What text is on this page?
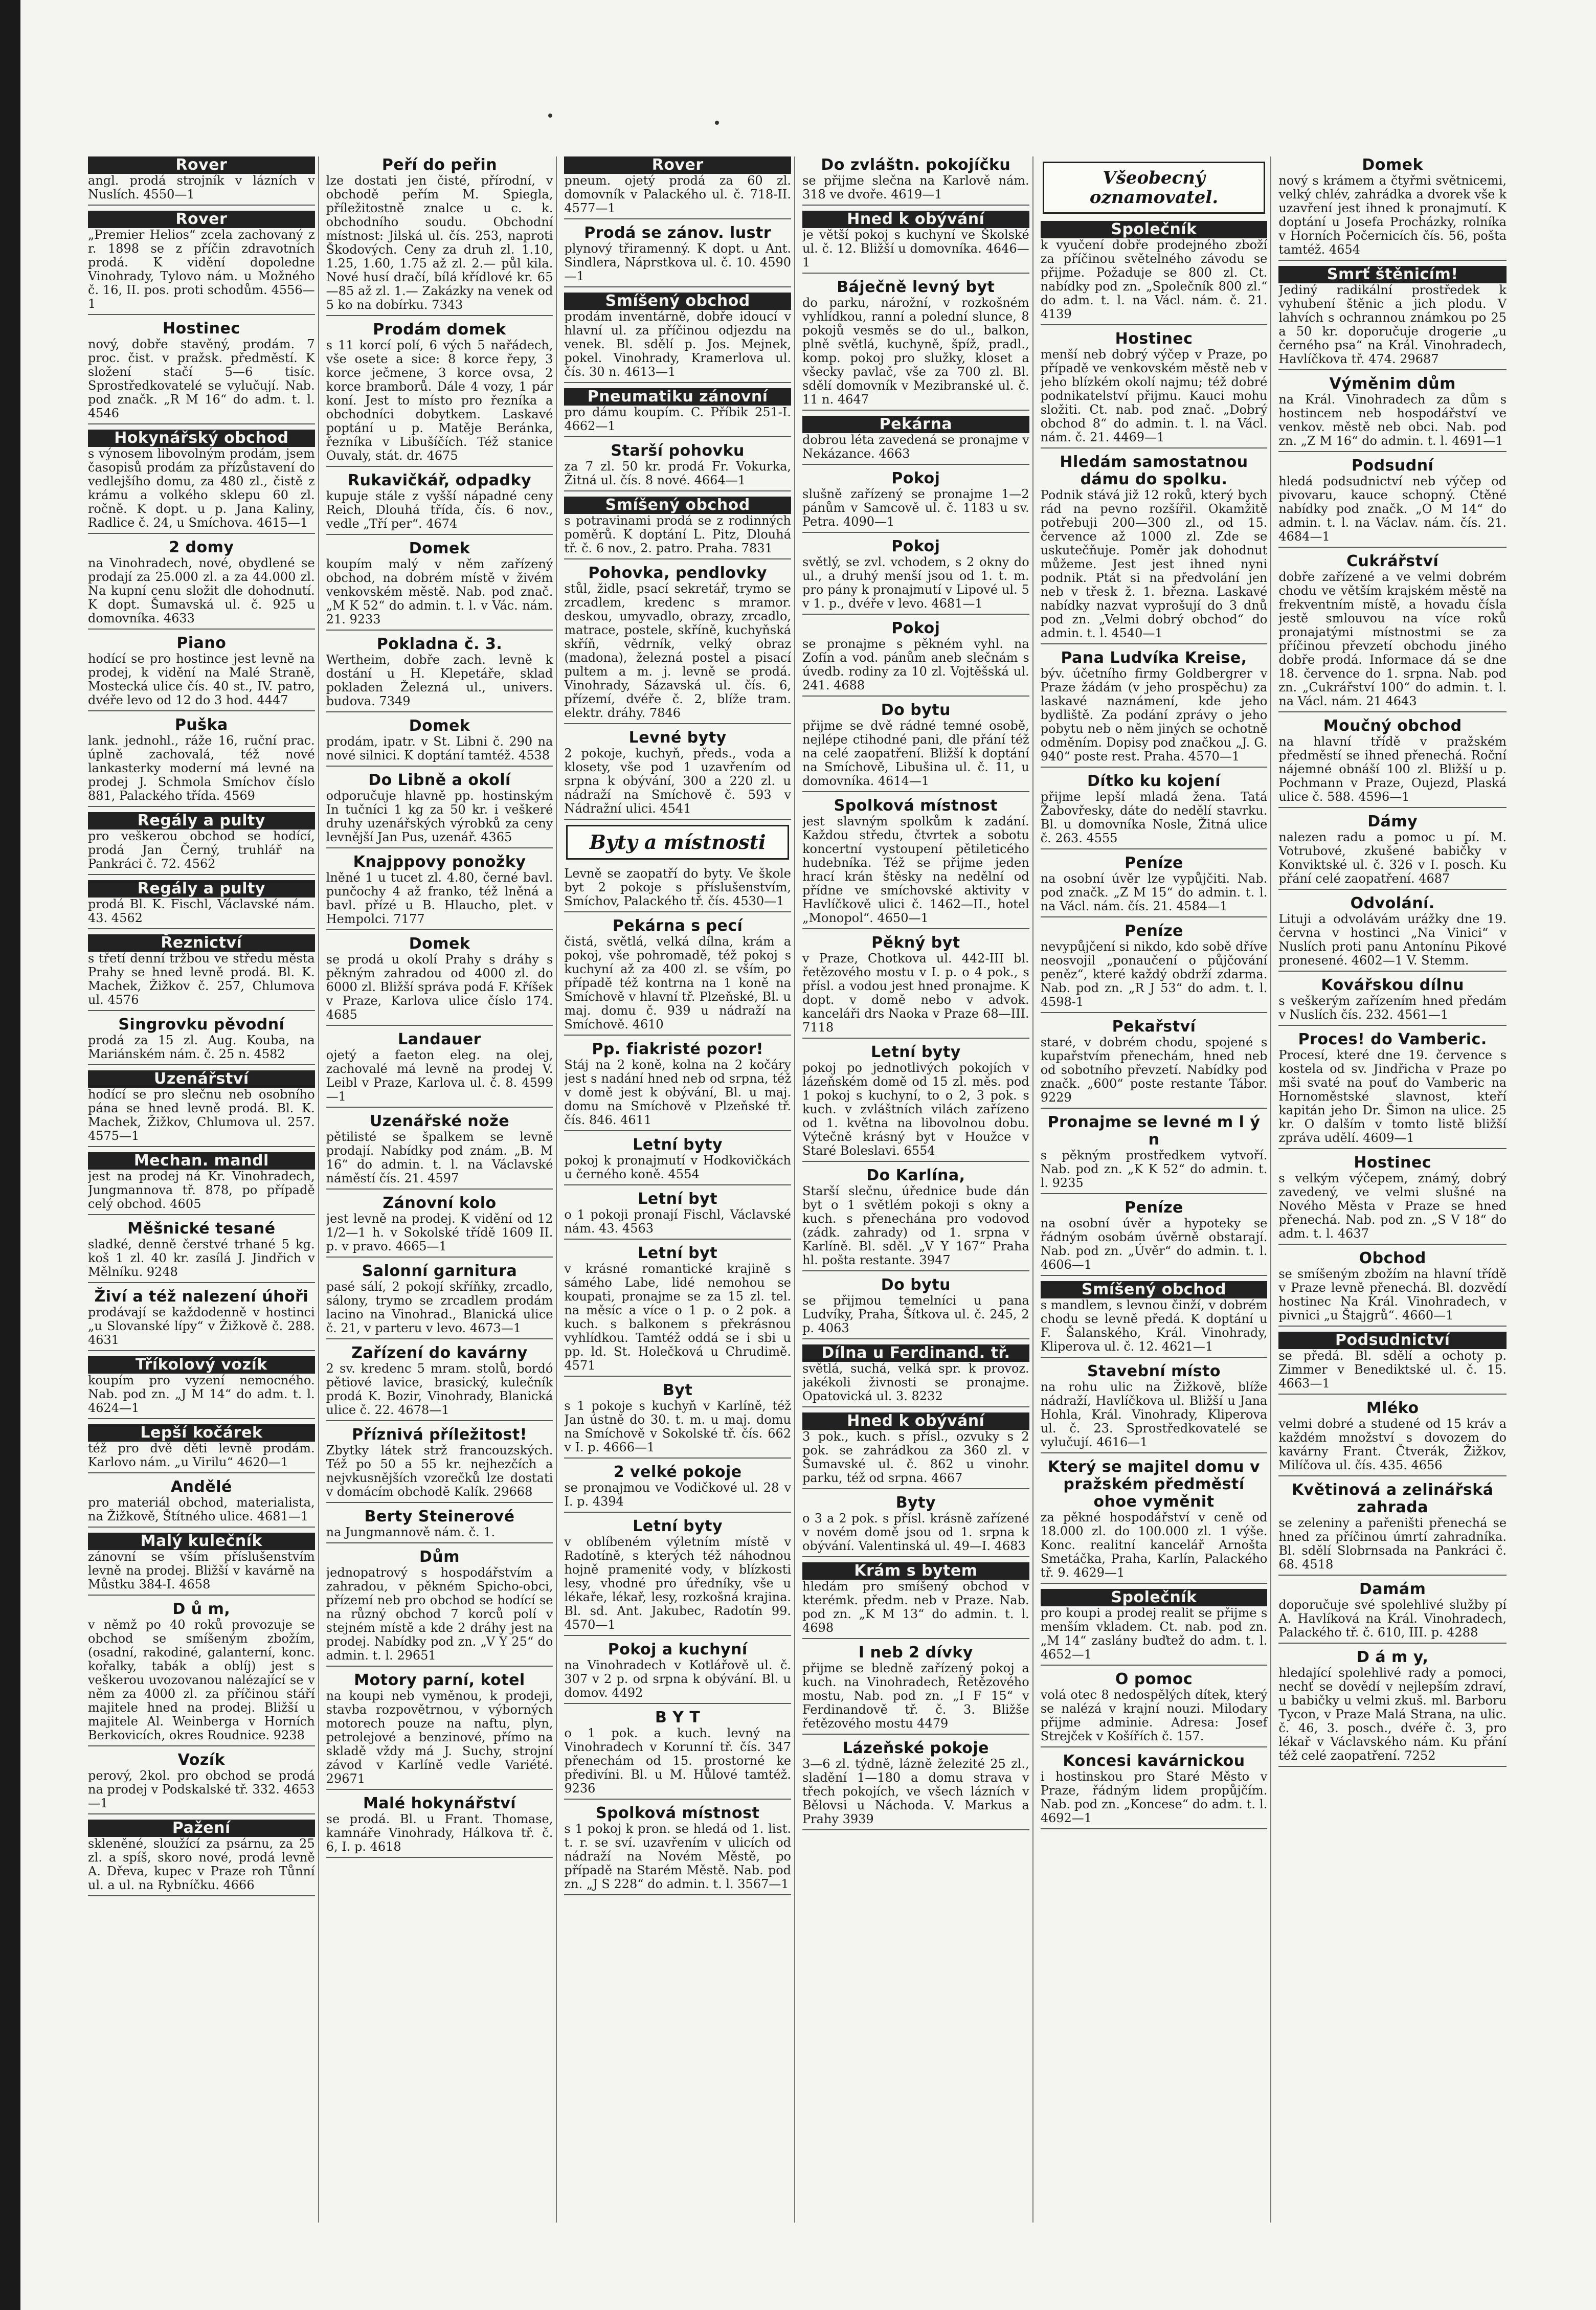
Rover
angl. prodá strojník v lázních v Nuslích. 4550—1
Rover
„Premier Helios“ zcela zachovaný z r. 1898 se z příčin zdravotních prodá. K vidění dopoledne Vinohrady, Tylovo nám. u Možného č. 16, II. pos. proti schodům. 4556—1
Hostinec
nový, dobře stavěný, prodám. 7 proc. čist. v pražsk. předměstí. K složení stačí 5—6 tisíc. Sprostředkovatelé se vylučují. Nab. pod značk. „R M 16“ do adm. t. l. 4546
Hokynářský obchod
s výnosem libovolným prodám, jsem časopisů prodám za přízůstavení do vedlejšího domu, za 480 zl., čistě z krámu a volkého sklepu 60 zl. ročně. K dopt. u p. Jana Kaliny, Radlice č. 24, u Smíchova. 4615—1
2 domy
na Vinohradech, nové, obydlené se prodají za 25.000 zl. a za 44.000 zl. Na kupní cenu složit dle dohodnutí. K dopt. Šumavská ul. č. 925 u domovníka. 4633
Piano
hodící se pro hostince jest levně na prodej, k vidění na Malé Straně, Mostecká ulice čís. 40 st., IV. patro, dvéře levo od 12 do 3 hod. 4447
Puška
lank. jednohl., ráže 16, ruční prac. úplně zachovalá, též nové lankasterky moderní má levné na prodej J. Schmola Smíchov číslo 881, Palackého třída. 4569
Regály a pulty
pro veškerou obchod se hodící, prodá Jan Černý, truhlář na Pankráci č. 72. 4562
Regály a pulty
prodá Bl. K. Fischl, Václavské nám. 43. 4562
Řeznictví
s třetí denní tržbou ve středu města Prahy se hned levně prodá. Bl. K. Machek, Žižkov č. 257, Chlumova ul. 4576
Singrovku pěvodní
prodá za 15 zl. Aug. Kouba, na Mariánském nám. č. 25 n. 4582
Uzenářství
hodící se pro slečnu neb osobního pána se hned levně prodá. Bl. K. Machek, Žižkov, Chlumova ul. 257. 4575—1
Mechan. mandl
jest na prodej ná Kr. Vinohradech, Jungmannova tř. 878, po případě celý obchod. 4605
Měšnické tesané
sladké, denně čerstvé trhané 5 kg. koš 1 zl. 40 kr. zasílá J. Jindřich v Mělníku. 9248
Živí a též nalezení úhoři
prodávají se každodenně v hostinci „u Slovanské lípy“ v Žižkově č. 288. 4631
Tříkolový vozík
koupím pro vyzení nemocného. Nab. pod zn. „J M 14“ do adm. t. l. 4624—1
Lepší kočárek
též pro dvě děti levně prodám. Karlovo nám. „u Virilu“ 4620—1
Andělé
pro materiál obchod, materialista, na Žižkově, Štítného ulice. 4681—1
Malý kulečník
zánovní se vším příslušenstvím levně na prodej. Bližší v kavárně na Můstku 384-I. 4658
D ů m,
v němž po 40 roků provozuje se obchod se smíšeným zbožím, (osadní, rakodiné, galanterní, konc. kořalky, tabák a oblíj) jest s veškerou uvozovanou nalézající se v něm za 4000 zl. za příčinou stáří majitele hned na prodej. Bližší u majitele Al. Weinberga v Horních Berkovicích, okres Roudnice. 9238
Vozík
perový, 2kol. pro obchod se prodá na prodej v Podskalské tř. 332. 4653—1
Pažení
skleněné, sloužící za psárnu, za 25 zl. a spíš, skoro nové, prodá levně A. Dřeva, kupec v Praze roh Tůnní ul. a ul. na Rybníčku. 4666
Peří do peřin
lze dostati jen čisté, přírodní, v obchodě peřím M. Spiegla, příležitostně znalce u c. k. obchodního soudu. Obchodní místnost: Jilská ul. čís. 253, naproti Škodových. Ceny za druh zl. 1.10, 1.25, 1.60, 1.75 až zl. 2.— půl kila. Nové husí dračí, bílá křídlové kr. 65—85 až zl. 1.— Zakázky na venek od 5 ko na dobírku. 7343
Prodám domek
s 11 korcí polí, 6 vých 5 nařádech, vše osete a sice: 8 korce řepy, 3 korce ječmene, 3 korce ovsa, 2 korce bramborů. Dále 4 vozy, 1 pár koní. Jest to místo pro řezníka a obchodníci dobytkem. Laskavé poptání u p. Matěje Beránka, řezníka v Libušíčích. Též stanice Ouvaly, stát. dr. 4675
Rukavičkář, odpadky
kupuje stále z vyšší nápadné ceny Reich, Dlouhá třída, čís. 6 nov., vedle „Tří per“. 4674
Domek
koupím malý v něm zařízený obchod, na dobrém místě v živém venkovském městě. Nab. pod znač. „M K 52“ do admin. t. l. v Vác. nám. 21. 9233
Pokladna č. 3.
Wertheim, dobře zach. levně k dostání u H. Klepetáře, sklad pokladen Železná ul., univers. budova. 7349
Domek
prodám, ipatr. v St. Libni č. 290 na nové silnici. K doptání tamtéž. 4538
Do Libně a okolí
odporučuje hlavně pp. hostinským In tučníci 1 kg za 50 kr. i veškeré druhy uzenářských výrobků za ceny levnější Jan Pus, uzenář. 4365
Knajppovy ponožky
lněné 1 u tucet zl. 4.80, černé bavl. punčochy 4 až franko, též lněná a bavl. přízé u B. Hlaucho, plet. v Hempolci. 7177
Domek
se prodá u okolí Prahy s dráhy s pěkným zahradou od 4000 zl. do 6000 zl. Bližší správa podá F. Kříšek v Praze, Karlova ulice číslo 174. 4685
Landauer
ojetý a faeton eleg. na olej, zachovalé má levně na prodej V. Leibl v Praze, Karlova ul. č. 8. 4599—1
Uzenářské nože
pětilisté se špalkem se levně prodají. Nabídky pod znám. „B. M 16“ do admin. t. l. na Václavské náměstí čís. 21. 4597
Zánovní kolo
jest levně na prodej. K vidění od 12 1/2—1 h. v Sokolské třídě 1609 II. p. v pravo. 4665—1
Salonní garnitura
pasé sálí, 2 pokojí skříňky, zrcadlo, sálony, trymo se zrcadlem prodám lacino na Vinohrad., Blanická ulice č. 21, v parteru v levo. 4673—1
Zařízení do kavárny
2 sv. kredenc 5 mram. stolů, bordó pětiové lavice, brasický, kulečník prodá K. Bozir, Vinohrady, Blanická ulice č. 22. 4678—1
Příznivá příležitost!
Zbytky látek strž francouzských. Též po 50 a 55 kr. nejhezčích a nejvkusnějších vzorečků lze dostati v domácím obchodě Kalík. 29668
Berty Steinerové
na Jungmannově nám. č. 1.
Dům
jednopatrový s hospodářstvím a zahradou, v pěkném Spicho-obci, přízemí neb pro obchod se hodící se na různý obchod 7 korců polí v stejném místě a kde 2 dráhy jest na prodej. Nabídky pod zn. „V Y 25“ do admin. t. l. 29651
Motory parní, kotel
na koupi neb vyměnou, k prodeji, stavba rozpovětrnou, v výborných motorech pouze na naftu, plyn, petrolejové a benzinové, přímo na skladě vždy má J. Suchy, strojní závod v Karlíně vedle Variété. 29671
Malé hokynářství
se prodá. Bl. u Frant. Thomase, kamnáře Vinohrady, Hálkova tř. č. 6, I. p. 4618
Rover
pneum. ojetý prodá za 60 zl. domovník v Palackého ul. č. 718-II. 4577—1
Prodá se zánov. lustr
plynový třiramenný. K dopt. u Ant. Sindlera, Náprstkova ul. č. 10. 4590—1
Smíšený obchod
prodám inventárně, dobře idoucí v hlavní ul. za příčinou odjezdu na venek. Bl. sdělí p. Jos. Mejnek, pokel. Vinohrady, Kramerlova ul. čís. 30 n. 4613—1
Pneumatiku zánovní
pro dámu koupím. C. Příbik 251-I. 4662—1
Starší pohovku
za 7 zl. 50 kr. prodá Fr. Vokurka, Žitná ul. čís. 8 nové. 4664—1
Smíšený obchod
s potravinami prodá se z rodinných poměrů. K doptání L. Pitz, Dlouhá tř. č. 6 nov., 2. patro. Praha. 7831
Pohovka, pendlovky
stůl, židle, psací sekretář, trymo se zrcadlem, kredenc s mramor. deskou, umyvadlo, obrazy, zrcadlo, matrace, postele, skříně, kuchyňská skříň, vědrník, velký obraz (madona), železná postel a pisací pultem a m. j. levně se prodá. Vinohrady, Sázavská ul. čís. 6, přízemí, dvéře č. 2, blíže tram. elektr. dráhy. 7846
Levné byty
2 pokoje, kuchyň, předs., voda a klosety, vše pod 1 uzavřením od srpna k obývání, 300 a 220 zl. u nádraží na Smíchově č. 593 v Nádražní ulici. 4541
Byty a místnosti
Levně se zaopatří do byty. Ve škole byt 2 pokoje s příslušenstvím, Smíchov, Palackého tř. čís. 4530—1
Pekárna s pecí
čistá, světlá, velká dílna, krám a pokoj, vše pohromadě, též pokoj s kuchyní až za 400 zl. se vším, po případě též kontrna na 1 koně na Smíchově v hlavní tř. Plzeňské, Bl. u maj. domu č. 939 u nádraží na Smíchově. 4610
Pp. fiakristé pozor!
Stáj na 2 koně, kolna na 2 kočáry jest s nadání hned neb od srpna, též v domě jest k obývání, Bl. u maj. domu na Smíchově v Plzeňské tř. čís. 846. 4611
Letní byty
pokoj k pronajmutí v Hodkovičkách u černého koně. 4554
Letní byt
o 1 pokoji pronají Fischl, Václavské nám. 43. 4563
Letní byt
v krásné romantické krajině s sámého Labe, lidé nemohou se koupati, pronajme se za 15 zl. tel. na měsíc a více o 1 p. o 2 pok. a kuch. s balkonem s překrásnou vyhlídkou. Tamtéž oddá se i sbi u pp. ld. St. Holečková u Chrudimě. 4571
Byt
s 1 pokoje s kuchyň v Karlíně, též Jan ústně do 30. t. m. u maj. domu na Smíchově v Sokolské tř. čís. 662 v I. p. 4666—1
2 velké pokoje
se pronajmou ve Vodičkové ul. 28 v I. p. 4394
Letní byty
v oblíbeném výletním místě v Radotíně, s kterých též náhodnou hojně pramenité vody, v blízkosti lesy, vhodné pro úředníky, vše u lékaře, lékař, lesy, rozkošná krajina. Bl. sd. Ant. Jakubec, Radotín 99. 4570—1
Pokoj a kuchyní
na Vinohradech v Kotlářově ul. č. 307 v 2 p. od srpna k obývání. Bl. u domov. 4492
B Y T
o 1 pok. a kuch. levný na Vinohradech v Korunní tř. čís. 347 přenechám od 15. prostorné ke předivíni. Bl. u M. Hůlové tamtéž. 9236
Spolková místnost
s 1 pokoj k pron. se hledá od 1. list. t. r. se sví. uzavřením v ulicích od nádraží na Novém Městě, po případě na Starém Městě. Nab. pod zn. „J S 228“ do admin. t. l. 3567—1
Do zvláštn. pokojíčku
se přijme slečna na Karlově nám. 318 ve dvoře. 4619—1
Hned k obývání
je větší pokoj s kuchyní ve Školské ul. č. 12. Bližší u domovníka. 4646—1
Báječně levný byt
do parku, nárožní, v rozkošném vyhlídkou, ranní a polední slunce, 8 pokojů vesměs se do ul., balkon, plně světlá, kuchyně, špíž, pradl., komp. pokoj pro služky, kloset a všecky pavlač, vše za 700 zl. Bl. sdělí domovník v Mezibranské ul. č. 11 n. 4647
Pekárna
dobrou léta zavedená se pronajme v Nekázance. 4663
Pokoj
slušně zařízený se pronajme 1—2 pánům v Samcově ul. č. 1183 u sv. Petra. 4090—1
Pokoj
světlý, se zvl. vchodem, s 2 okny do ul., a druhý menší jsou od 1. t. m. pro pány k pronajmutí v Lipové ul. 5 v 1. p., dvéře v levo. 4681—1
Pokoj
se pronajme s pěkném vyhl. na Zofín a vod. pánům aneb slečnám s úvedb. rodiny za 10 zl. Vojtěšská ul. 241. 4688
Do bytu
přijme se dvě rádné temné osobě, nejlépe ctihodné pani, dle přání též na celé zaopatření. Bližší k doptání na Smíchově, Libušina ul. č. 11, u domovníka. 4614—1
Spolková místnost
jest slavným spolkům k zadání. Každou středu, čtvrtek a sobotu koncertní vystoupení pětileticého hudebníka. Též se přijme jeden hrací krán štěsky na nedělní od přídne ve smíchovské aktivity v Havlíčkově ulici č. 1462—II., hotel „Monopol“. 4650—1
Pěkný byt
v Praze, Chotkova ul. 442-III bl. řetězového mostu v I. p. o 4 pok., s přísl. a vodou jest hned pronajme. K dopt. v domě nebo v advok. kanceláři drs Naoka v Praze 68—III. 7118
Letní byty
pokoj po jednotlivých pokojích v lázeňském domě od 15 zl. měs. pod 1 pokoj s kuchyní, to o 2, 3 pok. s kuch. v zvláštních vilách zařízeno od 1. května na libovolnou dobu. Výtečně krásný byt v Houžce v Staré Boleslavi. 6554
Do Karlína,
Starší slečnu, úřednice bude dán byt o 1 světlém pokoji s okny a kuch. s přenechána pro vodovod (zádk. zahrady) od 1. srpna v Karlíně. Bl. sděl. „V Y 167“ Praha hl. pošta restante. 3947
Do bytu
se přijmou temelníci u pana Ludvíky, Praha, Šítkova ul. č. 245, 2 p. 4063
Dílna u Ferdinand. tř.
světlá, suchá, velká spr. k provoz. jakékoli živnosti se pronajme. Opatovická ul. 3. 8232
Hned k obývání
3 pok., kuch. s přísl., ozvuky s 2 pok. se zahrádkou za 360 zl. v Šumavské ul. č. 862 u vinohr. parku, též od srpna. 4667
Byty
o 3 a 2 pok. s přísl. krásně zařízené v novém domě jsou od 1. srpna k obývání. Valentinská ul. 49—I. 4683
Krám s bytem
hledám pro smíšený obchod v kterémk. předm. neb v Praze. Nab. pod zn. „K M 13“ do admin. t. l. 4698
I neb 2 dívky
přijme se bledně zařízený pokoj a kuch. na Vinohradech, Řetězového mostu, Nab. pod zn. „I F 15“ v Ferdinandově tř. č. 3. Bližše řetězového mostu 4479
Lázeňské pokoje
3—6 zl. týdně, lázně železité 25 zl., sladění 1—180 a domu strava v třech pokojích, ve všech lázních v Bělovsi u Náchoda. V. Markus a Prahy 3939
Všeobecný oznamovatel.
Společník
k vyučení dobře prodejného zboží za příčinou světelného závodu se přijme. Požaduje se 800 zl. Ct. nabídky pod zn. „Společník 800 zl.“ do adm. t. l. na Václ. nám. č. 21. 4139
Hostinec
menší neb dobrý výčep v Praze, po případě ve venkovském městě neb v jeho blízkém okolí najmu; též dobré podnikatelství přijmu. Kauci mohu složiti. Ct. nab. pod znač. „Dobrý obchod 8“ do admin. t. l. na Václ. nám. č. 21. 4469—1
Hledám samostatnou dámu do spolku.
Podnik stává již 12 roků, který bych rád na pevno rozšířil. Okamžitě potřebuji 200—300 zl., od 15. července až 1000 zl. Zde se uskutečňuje. Poměr jak dohodnut můžeme. Jest jest ihned nyni podnik. Ptát si na předvolání jen neb v třesk ž. 1. března. Laskavé nabídky nazvat vyprošují do 3 dnů pod zn. „Velmi dobrý obchod“ do admin. t. l. 4540—1
Pana Ludvíka Kreise,
býv. účetního firmy Goldbergrer v Praze žádám (v jeho prospěchu) za laskavé naznámení, kde jeho bydliště. Za podání zprávy o jeho pobytu neb o něm jiných se ochotně odměním. Dopisy pod značkou „J. G. 940“ poste rest. Praha. 4570—1
Dítko ku kojení
přijme lepší mladá žena. Tatá Žabovřesky, dáte do nedělí stavrku. Bl. u domovníka Nosle, Žitná ulice č. 263. 4555
Peníze
na osobní úvěr lze vypůjčiti. Nab. pod značk. „Z M 15“ do admin. t. l. na Václ. nám. čís. 21. 4584—1
Peníze
nevypůjčení si nikdo, kdo sobě dříve neosvojil „ponaučení o půjčování peněz“, které každý obdrží zdarma. Nab. pod zn. „R J 53“ do adm. t. l. 4598-1
Pekařství
staré, v dobrém chodu, spojené s kupařstvím přenechám, hned neb od sobotního převzetí. Nabídky pod značk. „600“ poste restante Tábor. 9229
Pronajme se levné m l ý n
s pěkným prostředkem vytvoří. Nab. pod zn. „K K 52“ do admin. t. l. 9235
Peníze
na osobní úvěr a hypoteky se řádným osobám úvěrně obstarají. Nab. pod zn. „Úvěr“ do admin. t. l. 4606—1
Smíšený obchod
s mandlem, s levnou činží, v dobrém chodu se levně předá. K doptání u F. Šalanského, Král. Vinohrady, Kliperova ul. č. 12. 4621—1
Stavební místo
na rohu ulic na Žižkově, blíže nádraží, Havlíčkova ul. Bližší u Jana Hohla, Král. Vinohrady, Kliperova ul. č. 23. Sprostředkovatelé se vylučují. 4616—1
Který se majitel domu v pražském předměstí ohoe vyměnit
za pěkné hospodářství v ceně od 18.000 zl. do 100.000 zl. 1 výše. Konc. realitní kancelář Arnošta Smetáčka, Praha, Karlín, Palackého tř. 9. 4629—1
Společník
pro koupi a prodej realit se přijme s menším vkladem. Ct. nab. pod zn. „M 14“ zaslány buďtež do adm. t. l. 4652—1
O pomoc
volá otec 8 nedospělých dítek, který se nalézá v krajní nouzi. Milodary přijme adminie. Adresa: Josef Strejček v Košířích č. 157.
Koncesi kavárnickou
i hostinskou pro Staré Město v Praze, řádným lidem propůjčím. Nab. pod zn. „Koncese“ do adm. t. l. 4692—1
Domek
nový s krámem a čtyřmi světnicemi, velký chlév, zahrádka a dvorek vše k uzavření jest ihned k pronajmutí. K doptání u Josefa Procházky, rolníka v Horních Počernicích čís. 56, pošta tamtéž. 4654
Smrť štěnicím!
Jediný radikální prostředek k vyhubení štěnic a jich plodu. V lahvích s ochrannou známkou po 25 a 50 kr. doporučuje drogerie „u černého psa“ na Král. Vinohradech, Havlíčkova tř. 474. 29687
Výměnim dům
na Král. Vinohradech za dům s hostincem neb hospodářství ve venkov. městě neb obci. Nab. pod zn. „Z M 16“ do admin. t. l. 4691—1
Podsudní
hledá podsudnictví neb výčep od pivovaru, kauce schopný. Ctěné nabídky pod značk. „O M 14“ do admin. t. l. na Václav. nám. čís. 21. 4684—1
Cukrářství
dobře zařízené a ve velmi dobrém chodu ve větším krajském městě na frekventním místě, a hovadu čísla jestě smlouvou na více roků pronajatými místnostmi se za příčinou převzetí obchodu jiného dobře prodá. Informace dá se dne 18. července do 1. srpna. Nab. pod zn. „Cukrářství 100“ do admin. t. l. na Václ. nám. 21 4643
Moučný obchod
na hlavní třídě v pražském předměstí se ihned přenechá. Roční nájemné obnáší 100 zl. Bližší u p. Pochmann v Praze, Oujezd, Plaská ulice č. 588. 4596—1
Dámy
nalezen radu a pomoc u pí. M. Votrubové, zkušené babičky v Konviktské ul. č. 326 v I. posch. Ku přání celé zaopatření. 4687
Odvolání.
Lituji a odvolávám urážky dne 19. června v hostinci „Na Vinici“ v Nuslích proti panu Antonínu Pikové pronesené. 4602—1 V. Stemm.
Kovářskou dílnu
s veškerým zařízením hned předám v Nuslích čís. 232. 4561—1
Proces! do Vamberic.
Procesí, které dne 19. července s kostela od sv. Jindřicha v Praze po mši svaté na pouť do Vamberic na Hornoměstské slavnost, kteří kapitán jeho Dr. Šimon na ulice. 25 kr. O dalším v tomto listě bližší zpráva udělí. 4609—1
Hostinec
s velkým výčepem, známý, dobrý zavedený, ve velmi slušné na Nového Města v Praze se hned přenechá. Nab. pod zn. „S V 18“ do adm. t. l. 4637
Obchod
se smíšeným zbožím na hlavní třídě v Praze levně přenechá. Bl. dozvědí hostinec Na Král. Vinohradech, v pivnici „u Štajgrů“. 4660—1
Podsudnictví
se předá. Bl. sdělí a ochoty p. Zimmer v Benediktské ul. č. 15. 4663—1
Mléko
velmi dobré a studené od 15 kráv a každém množství s dovozem do kavárny Frant. Čtverák, Žižkov, Milíčova ul. čís. 435. 4656
Květinová a zelinářská zahrada
se zeleniny a pařeništi přenechá se hned za příčinou úmrtí zahradníka. Bl. sdělí Slobrnsada na Pankráci č. 68. 4518
Damám
doporučuje své spolehlivé služby pí A. Havlíková na Král. Vinohradech, Palackého tř. č. 610, III. p. 4288
D á m y,
hledající spolehlivé rady a pomoci, nechť se dovědí v nejlepším zdraví, u babičky u velmi zkuš. ml. Barboru Tycon, v Praze Malá Strana, na ulic. č. 46, 3. posch., dvéře č. 3, pro lékař v Václavského nám. Ku přání též celé zaopatření. 7252
